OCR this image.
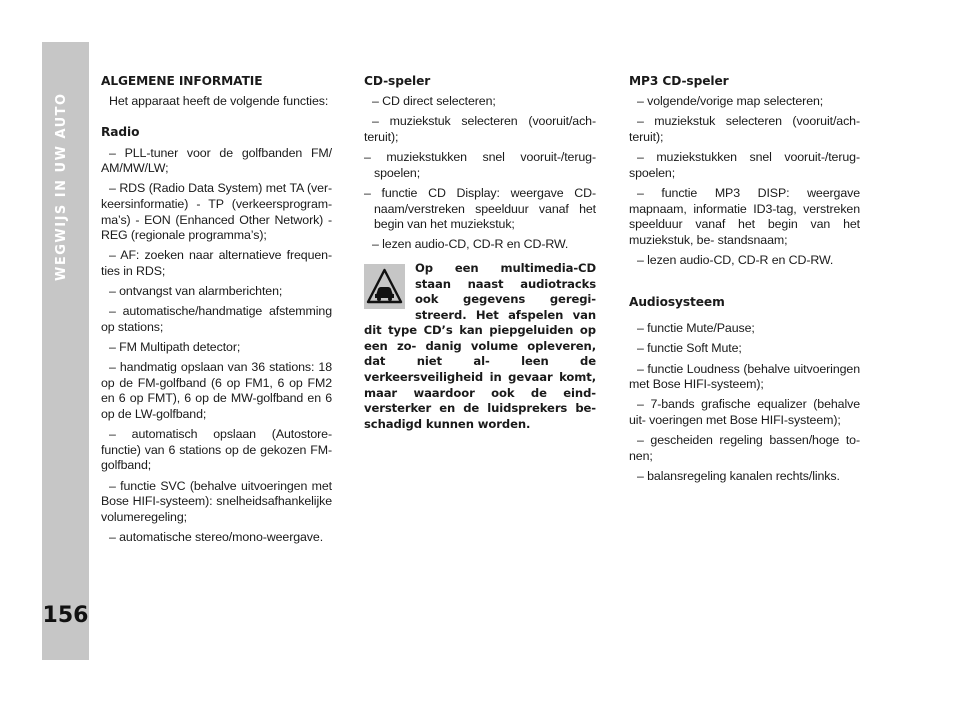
WEGWIJS IN UW AUTO
156

ALGEMENE INFORMATIE

Het apparaat heeft de volgende functies:

Radio

– PLL-tuner voor de golfbanden FM/ AM/MW/LW;

– RDS (Radio Data System) met TA (ver- keersinformatie) - TP (verkeersprogram- ma’s) - EON (Enhanced Other Network) - REG (regionale programma’s);

– AF: zoeken naar alternatieve frequen- ties in RDS;

– ontvangst van alarmberichten;

– automatische/handmatige afstemming op stations;

– FM Multipath detector;

– handmatig opslaan van 36 stations: 18 op de FM-golfband (6 op FM1, 6 op FM2 en 6 op FMT), 6 op de MW-golfband en 6 op de LW-golfband;

– automatisch opslaan (Autostore-functie) van 6 stations op de gekozen FM-golfband;

– functie SVC (behalve uitvoeringen met Bose HIFI-systeem): snelheidsafhankelijke volumeregeling;

– automatische stereo/mono-weergave.

CD-speler

– CD direct selecteren;

– muziekstuk selecteren (vooruit/ach- teruit);

– muziekstukken snel vooruit-/terug- spoelen;

– functie CD Display: weergave CD- naam/verstreken speelduur vanaf het begin van het muziekstuk;

– lezen audio-CD, CD-R en CD-RW.

Op een multimedia-CD staan naast audiotracks ook gegevens geregi- streerd. Het afspelen van dit type CD’s kan piepgeluiden op een zo- danig volume opleveren, dat niet al- leen de verkeersveiligheid in gevaar komt, maar waardoor ook de eind- versterker en de luidsprekers be- schadigd kunnen worden.

MP3 CD-speler

– volgende/vorige map selecteren;

– muziekstuk selecteren (vooruit/ach- teruit);

– muziekstukken snel vooruit-/terug- spoelen;

– functie MP3 DISP: weergave mapnaam, informatie ID3-tag, verstreken speelduur vanaf het begin van het muziekstuk, be- standsnaam;

– lezen audio-CD, CD-R en CD-RW.

Audiosysteem

– functie Mute/Pause;

– functie Soft Mute;

– functie Loudness (behalve uitvoeringen met Bose HIFI-systeem);

– 7-bands grafische equalizer (behalve uit- voeringen met Bose HIFI-systeem);

– gescheiden regeling bassen/hoge to- nen;

– balansregeling kanalen rechts/links.
